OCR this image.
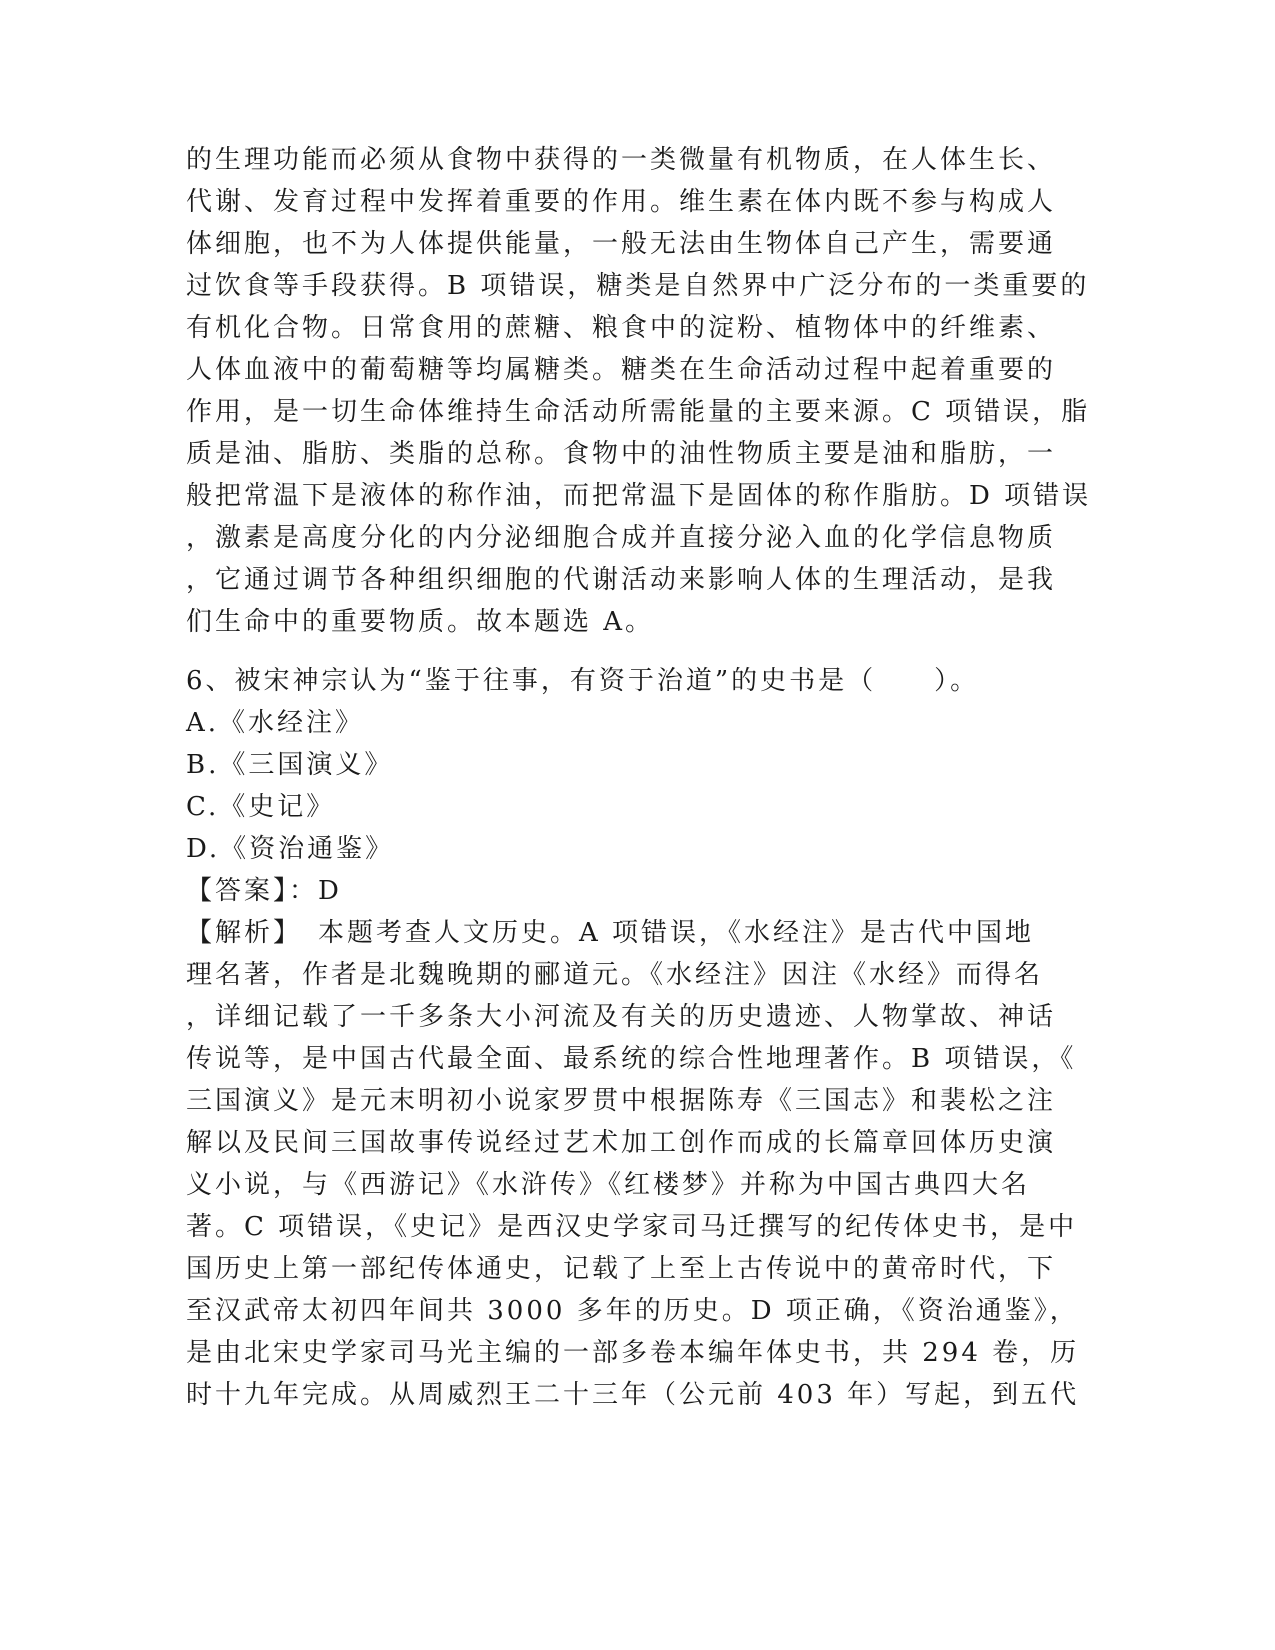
的生理功能而必须从食物中获得的一类微量有机物质，在人体生长、
代谢、发育过程中发挥着重要的作用。维生素在体内既不参与构成人
体细胞，也不为人体提供能量，一般无法由生物体自己产生，需要通
过饮食等手段获得。B 项错误，糖类是自然界中广泛分布的一类重要的
有机化合物。日常食用的蔗糖、粮食中的淀粉、植物体中的纤维素、
人体血液中的葡萄糖等均属糖类。糖类在生命活动过程中起着重要的
作用，是一切生命体维持生命活动所需能量的主要来源。C 项错误，脂
质是油、脂肪、类脂的总称。食物中的油性物质主要是油和脂肪，一
般把常温下是液体的称作油，而把常温下是固体的称作脂肪。D 项错误
，激素是高度分化的内分泌细胞合成并直接分泌入血的化学信息物质
，它通过调节各种组织细胞的代谢活动来影响人体的生理活动，是我
们生命中的重要物质。故本题选 A。
6、被宋神宗认为“鉴于往事，有资于治道”的史书是（　　）。
A.《水经注》
B.《三国演义》
C.《史记》
D.《资治通鉴》
【答案】：D
【解析】　本题考查人文历史。A 项错误，《水经注》是古代中国地
理名著，作者是北魏晚期的郦道元。《水经注》因注《水经》而得名
，详细记载了一千多条大小河流及有关的历史遗迹、人物掌故、神话
传说等，是中国古代最全面、最系统的综合性地理著作。B 项错误，《
三国演义》是元末明初小说家罗贯中根据陈寿《三国志》和裴松之注
解以及民间三国故事传说经过艺术加工创作而成的长篇章回体历史演
义小说，与《西游记》《水浒传》《红楼梦》并称为中国古典四大名
著。C 项错误，《史记》是西汉史学家司马迁撰写的纪传体史书，是中
国历史上第一部纪传体通史，记载了上至上古传说中的黄帝时代，下
至汉武帝太初四年间共 3000 多年的历史。D 项正确，《资治通鉴》，
是由北宋史学家司马光主编的一部多卷本编年体史书，共 294 卷，历
时十九年完成。从周威烈王二十三年（公元前 403 年）写起，到五代
